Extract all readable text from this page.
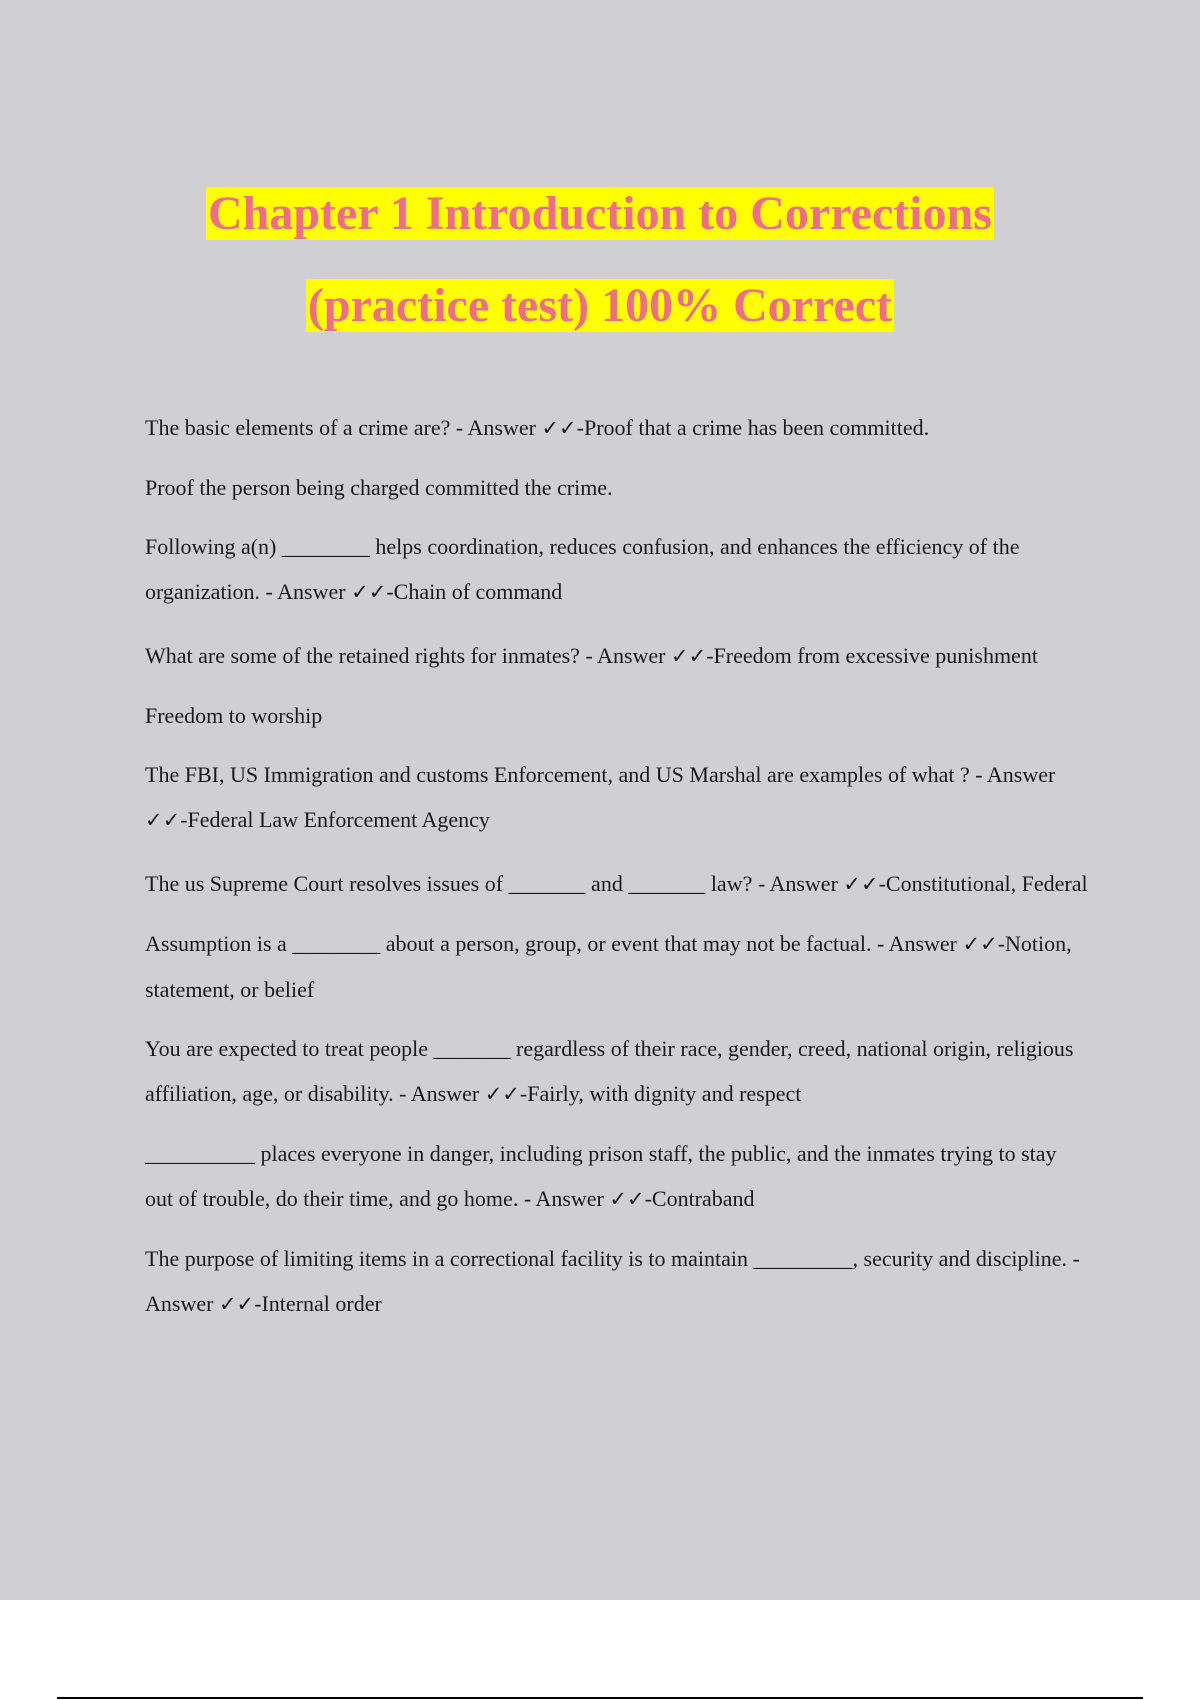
Chapter 1 Introduction to Corrections
(practice test) 100% Correct

The basic elements of a crime are? - Answer ✓✓-Proof that a crime has been committed.

Proof the person being charged committed the crime.

Following a(n) ________ helps coordination, reduces confusion, and enhances the efficiency of the organization. - Answer ✓✓-Chain of command

What are some of the retained rights for inmates? - Answer ✓✓-Freedom from excessive punishment

Freedom to worship

The FBI, US Immigration and customs Enforcement, and US Marshal are examples of what ? - Answer ✓✓-Federal Law Enforcement Agency

The us Supreme Court resolves issues of _______ and _______ law? - Answer ✓✓-Constitutional, Federal

Assumption is a ________ about a person, group, or event that may not be factual. - Answer ✓✓-Notion, statement, or belief

You are expected to treat people _______ regardless of their race, gender, creed, national origin, religious affiliation, age, or disability. - Answer ✓✓-Fairly, with dignity and respect

__________ places everyone in danger, including prison staff, the public, and the inmates trying to stay out of trouble, do their time, and go home. - Answer ✓✓-Contraband

The purpose of limiting items in a correctional facility is to maintain _________, security and discipline. - Answer ✓✓-Internal order
